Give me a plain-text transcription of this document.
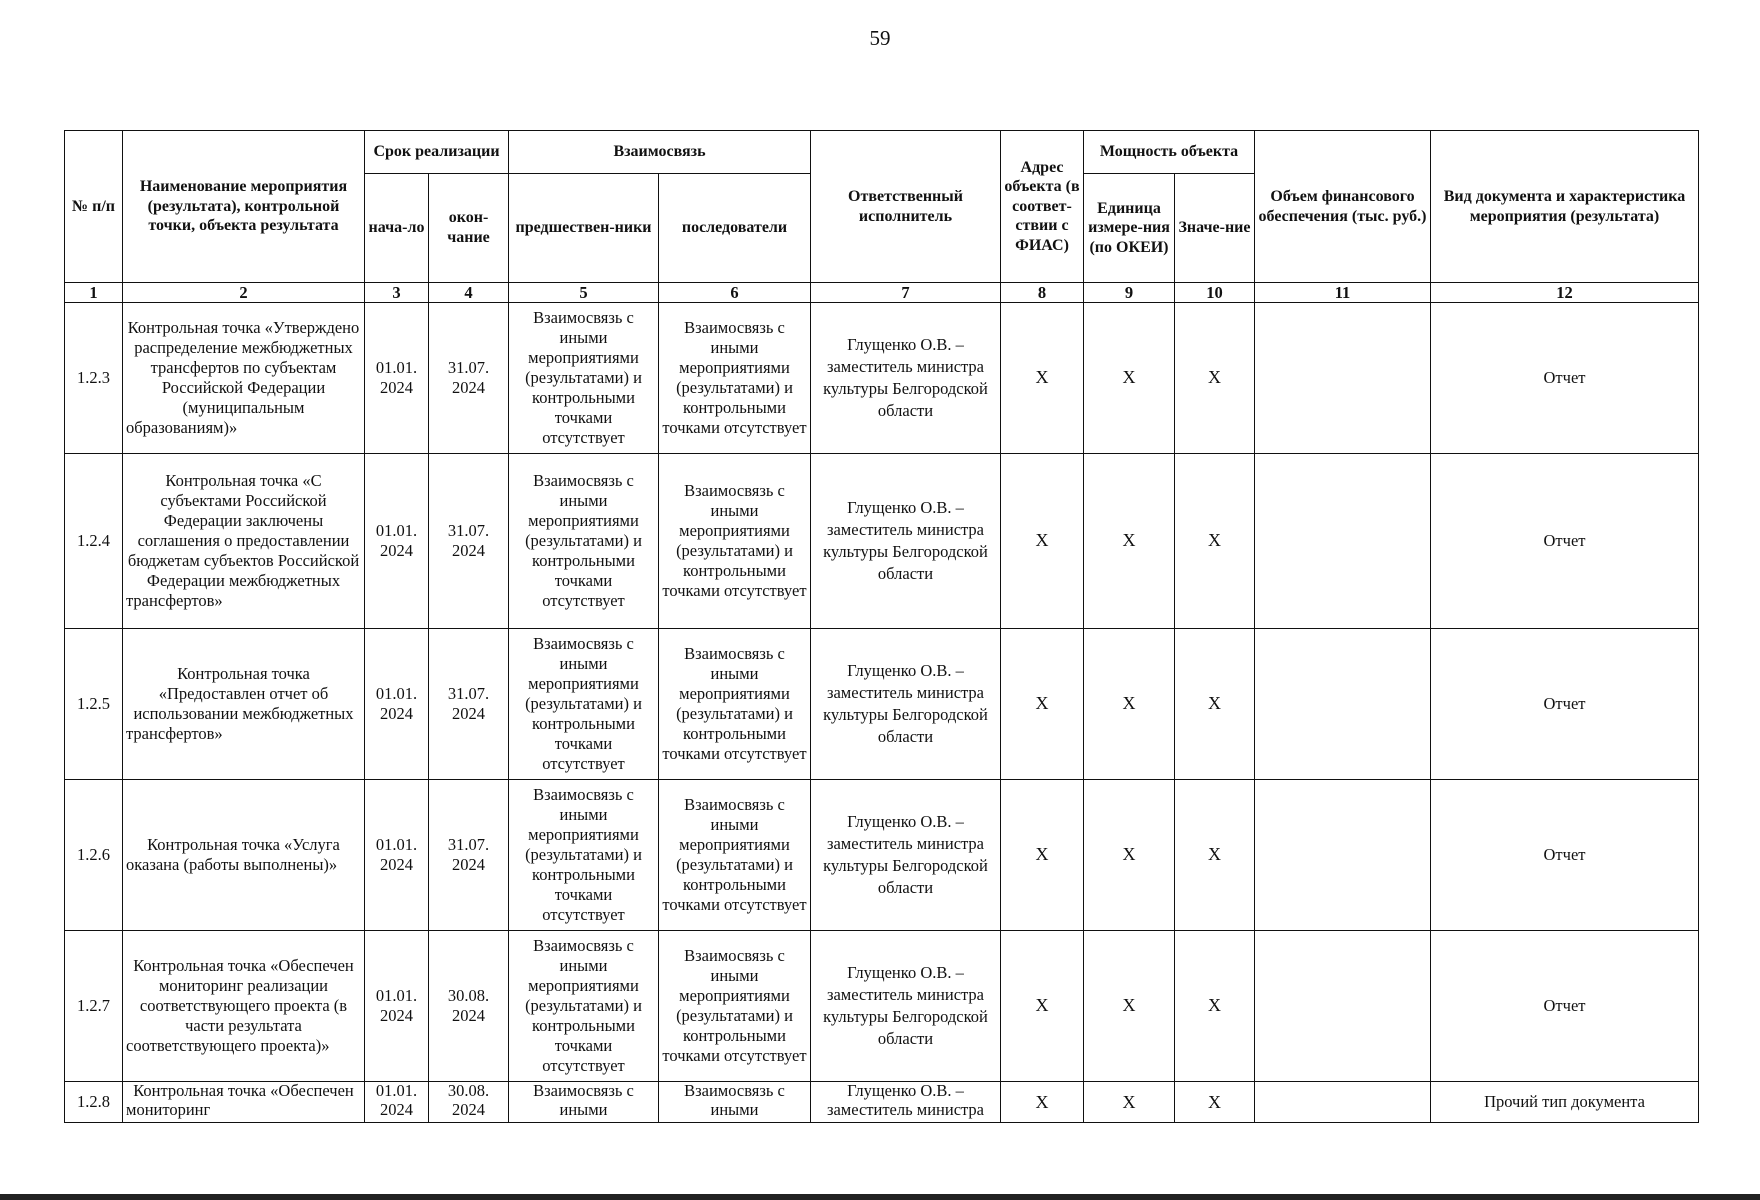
59
№ п/п	Наименование мероприятия (результата), контрольной точки, объекта результата	Срок реализации		Взаимосвязь		Ответственный исполнитель	Адрес объекта (в соответ-ствии с ФИАС)	Мощность объекта		Объем финансового обеспечения (тыс. руб.)	Вид документа и характеристика мероприятия (результата)
		нача-ло	окон-чание	предшествен-ники	последователи			Единица измере-ния (по ОКЕИ)	Значе-ние		
1	2	3	4	5	6	7	8	9	10	11	12
1.2.3	Контрольная точка «Утверждено распределение межбюджетных трансфертов по субъектам Российской Федерации (муниципальным образованиям)»	01.01. 2024	31.07. 2024	Взаимосвязь с иными мероприятиями (результатами) и контрольными точками отсутствует	Взаимосвязь с иными мероприятиями (результатами) и контрольными точками отсутствует	Глущенко О.В. – заместитель министра культуры Белгородской области	X	X	X		Отчет
1.2.4	Контрольная точка «С субъектами Российской Федерации заключены соглашения о предоставлении бюджетам субъектов Российской Федерации межбюджетных трансфертов»	01.01. 2024	31.07. 2024	Взаимосвязь с иными мероприятиями (результатами) и контрольными точками отсутствует	Взаимосвязь с иными мероприятиями (результатами) и контрольными точками отсутствует	Глущенко О.В. – заместитель министра культуры Белгородской области	X	X	X		Отчет
1.2.5	Контрольная точка «Предоставлен отчет об использовании межбюджетных трансфертов»	01.01. 2024	31.07. 2024	Взаимосвязь с иными мероприятиями (результатами) и контрольными точками отсутствует	Взаимосвязь с иными мероприятиями (результатами) и контрольными точками отсутствует	Глущенко О.В. – заместитель министра культуры Белгородской области	X	X	X		Отчет
1.2.6	Контрольная точка «Услуга оказана (работы выполнены)»	01.01. 2024	31.07. 2024	Взаимосвязь с иными мероприятиями (результатами) и контрольными точками отсутствует	Взаимосвязь с иными мероприятиями (результатами) и контрольными точками отсутствует	Глущенко О.В. – заместитель министра культуры Белгородской области	X	X	X		Отчет
1.2.7	Контрольная точка «Обеспечен мониторинг реализации соответствующего проекта (в части результата соответствующего проекта)»	01.01. 2024	30.08. 2024	Взаимосвязь с иными мероприятиями (результатами) и контрольными точками отсутствует	Взаимосвязь с иными мероприятиями (результатами) и контрольными точками отсутствует	Глущенко О.В. – заместитель министра культуры Белгородской области	X	X	X		Отчет
1.2.8	Контрольная точка «Обеспечен мониторинг	01.01. 2024	30.08. 2024	Взаимосвязь с иными	Взаимосвязь с иными	Глущенко О.В. – заместитель министра	X	X	X		Прочий тип документа
